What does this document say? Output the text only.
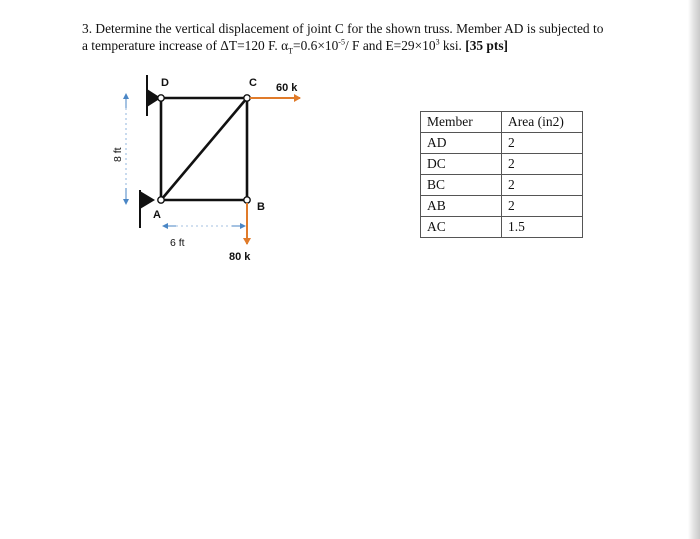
3. Determine the vertical displacement of joint C for the shown truss. Member AD is subjected to
a temperature increase of ΔT=120 F. $\alpha_T=0.6\times 10^{-5}/$ F and $E=29\times 10^3$ ksi. [35 pts]
D	C
A
B
60 k
80 k
8 ft
6 ft
Member	Area (in2)
AD	2
DC	2
BC	2
AB	2
AC	1.5
